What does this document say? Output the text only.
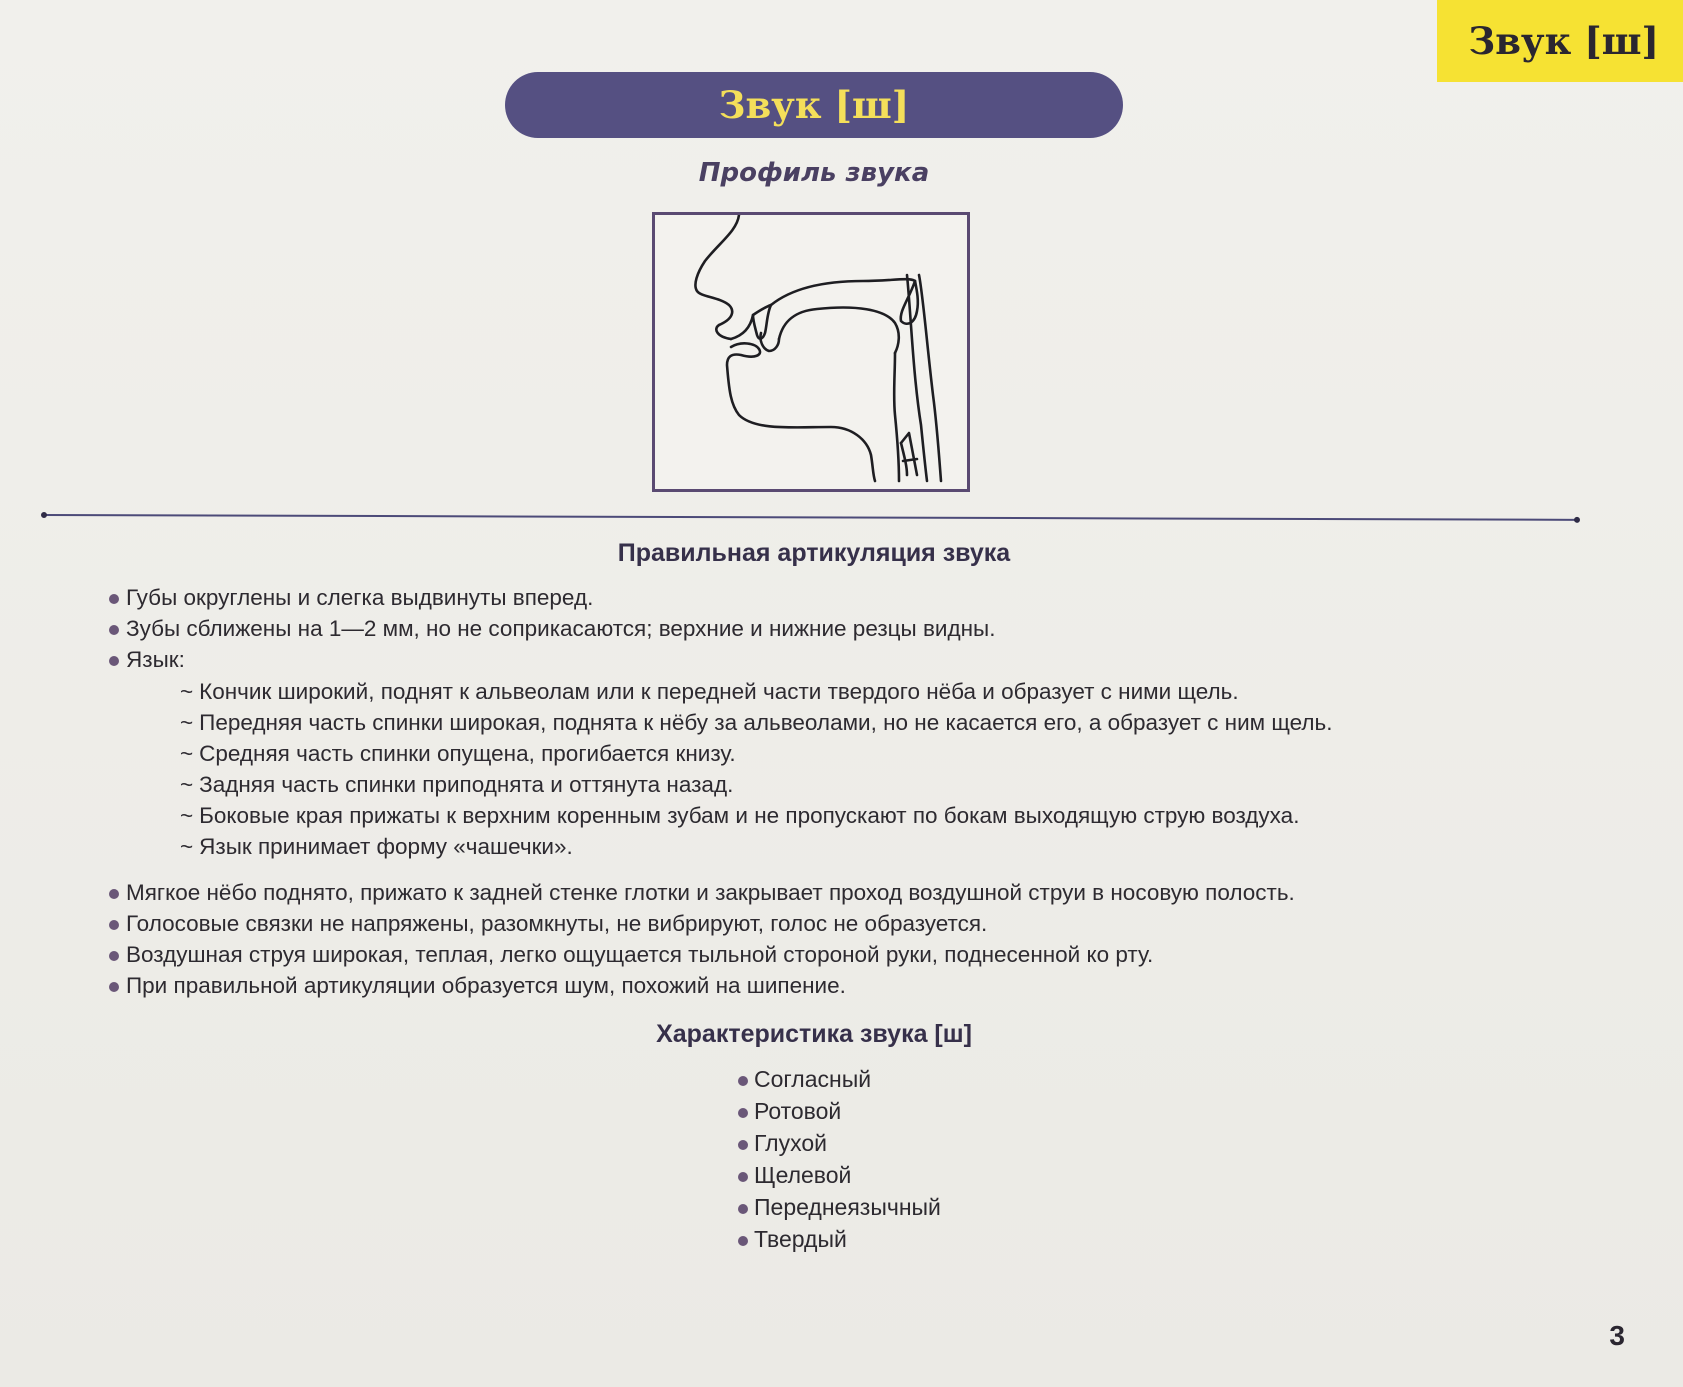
Звук [ш]
Звук [ш]
Профиль звука
Правильная артикуляция звука
Губы округлены и слегка выдвинуты вперед.
Зубы сближены на 1—2 мм, но не соприкасаются; верхние и нижние резцы видны.
Язык:
~ Кончик широкий, поднят к альвеолам или к передней части твердого нёба и образует с ними щель.
~ Передняя часть спинки широкая, поднята к нёбу за альвеолами, но не касается его, а образует с ним щель.
~ Средняя часть спинки опущена, прогибается книзу.
~ Задняя часть спинки приподнята и оттянута назад.
~ Боковые края прижаты к верхним коренным зубам и не пропускают по бокам выходящую струю воздуха.
~ Язык принимает форму «чашечки».
Мягкое нёбо поднято, прижато к задней стенке глотки и закрывает проход воздушной струи в носовую полость.
Голосовые связки не напряжены, разомкнуты, не вибрируют, голос не образуется.
Воздушная струя широкая, теплая, легко ощущается тыльной стороной руки, поднесенной ко рту.
При правильной артикуляции образуется шум, похожий на шипение.
Характеристика звука [ш]
Согласный
Ротовой
Глухой
Щелевой
Переднеязычный
Твердый
3
